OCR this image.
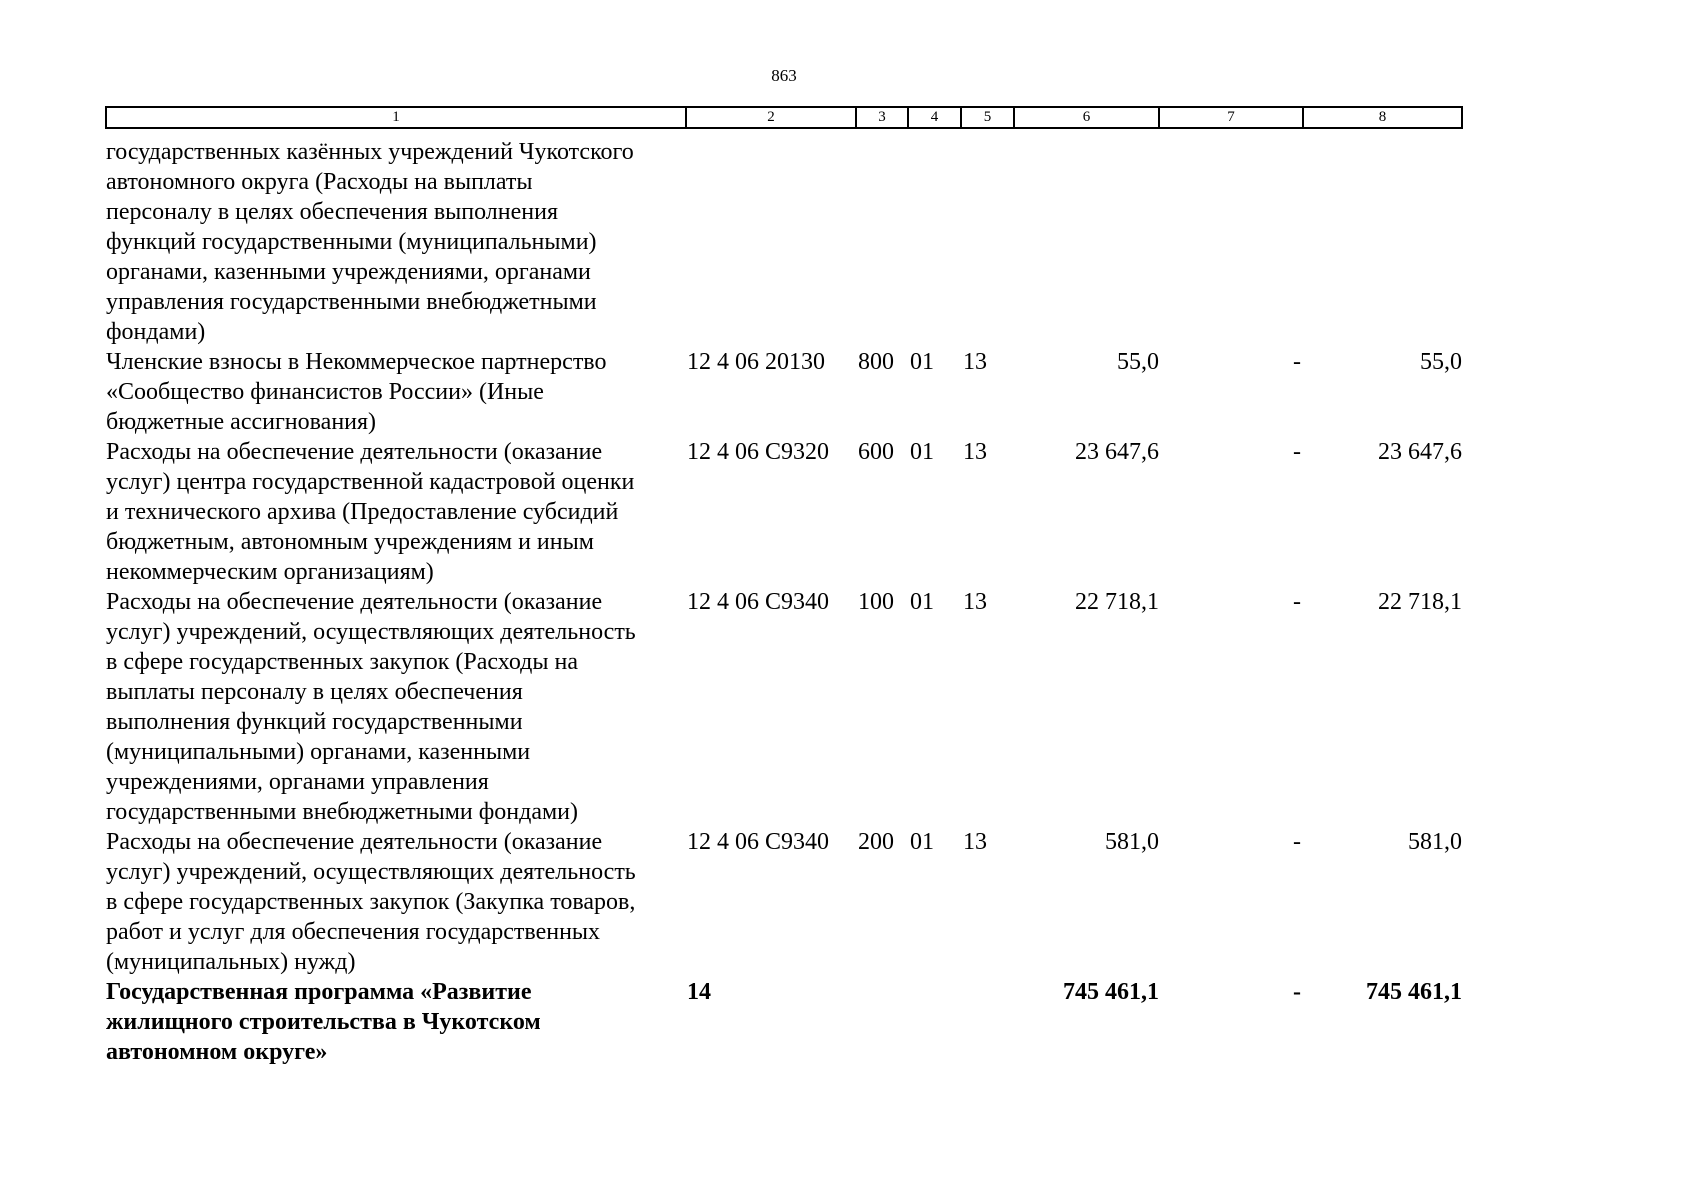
863
1	2	3	4	5	6	7	8

государственных казённых учреждений Чукотского
автономного округа (Расходы на выплаты
персоналу в целях обеспечения выполнения
функций государственными (муниципальными)
органами, казенными учреждениями, органами
управления государственными внебюджетными
фондами)

Членские взносы в Некоммерческое партнерство
«Сообщество финансистов России» (Иные
бюджетные ассигнования)	12 4 06 20130	800	01	13	55,0	-	55,0

Расходы на обеспечение деятельности (оказание
услуг) центра государственной кадастровой оценки
и технического архива (Предоставление субсидий
бюджетным, автономным учреждениям и иным
некоммерческим организациям)	12 4 06 С9320	600	01	13	23 647,6	-	23 647,6

Расходы на обеспечение деятельности (оказание
услуг) учреждений, осуществляющих деятельность
в сфере государственных закупок (Расходы на
выплаты персоналу в целях обеспечения
выполнения функций государственными
(муниципальными) органами, казенными
учреждениями, органами управления
государственными внебюджетными фондами)
	12 4 06 С9340	100	01	13	22 718,1	-	22 718,1

Расходы на обеспечение деятельности (оказание
услуг) учреждений, осуществляющих деятельность
в сфере государственных закупок (Закупка товаров,
работ и услуг для обеспечения государственных
(муниципальных) нужд)	12 4 06 С9340	200	01	13	581,0	-	581,0

Государственная программа «Развитие
жилищного строительства в Чукотском
автономном округе»	14				745 461,1	-	745 461,1
